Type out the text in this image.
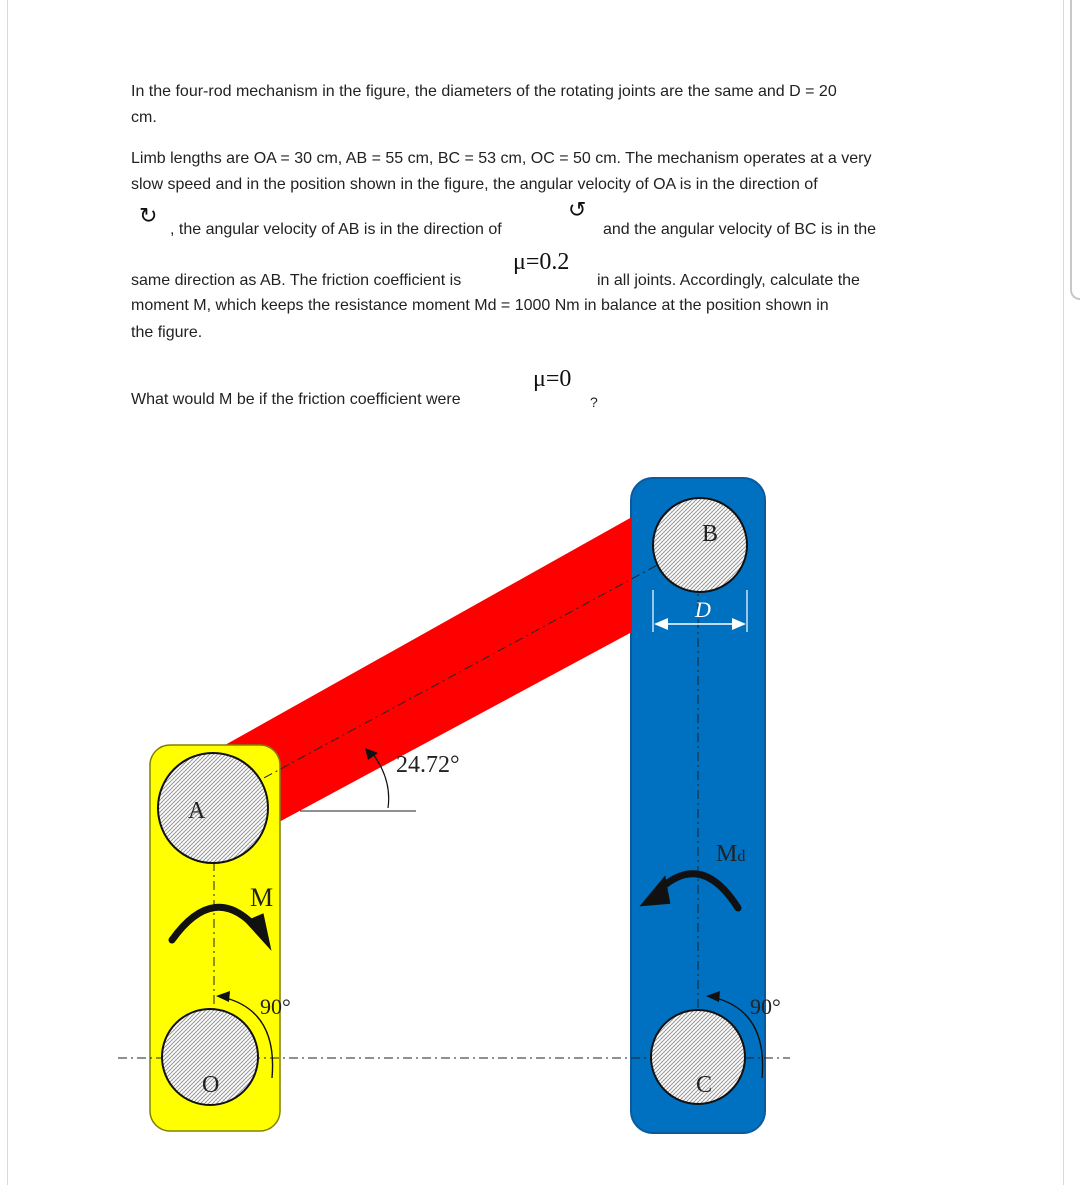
In the four-rod mechanism in the figure, the diameters of the rotating joints are the same and D = 20
cm.
Limb lengths are OA = 30 cm, AB = 55 cm, BC = 53 cm, OC = 50 cm. The mechanism operates at a very
slow speed and in the position shown in the figure, the angular velocity of OA is in the direction of
↻
, the angular velocity of AB is in the direction of
↺
and the angular velocity of BC is in the
same direction as AB. The friction coefficient is
μ=0.2
in all joints. Accordingly, calculate the
moment M, which keeps the resistance moment Md = 1000 Nm in balance at the position shown in
the figure.
What would M be if the friction coefficient were
μ=0
?
A
B
O	C
D
M
Md
24.72°
90°	90°
